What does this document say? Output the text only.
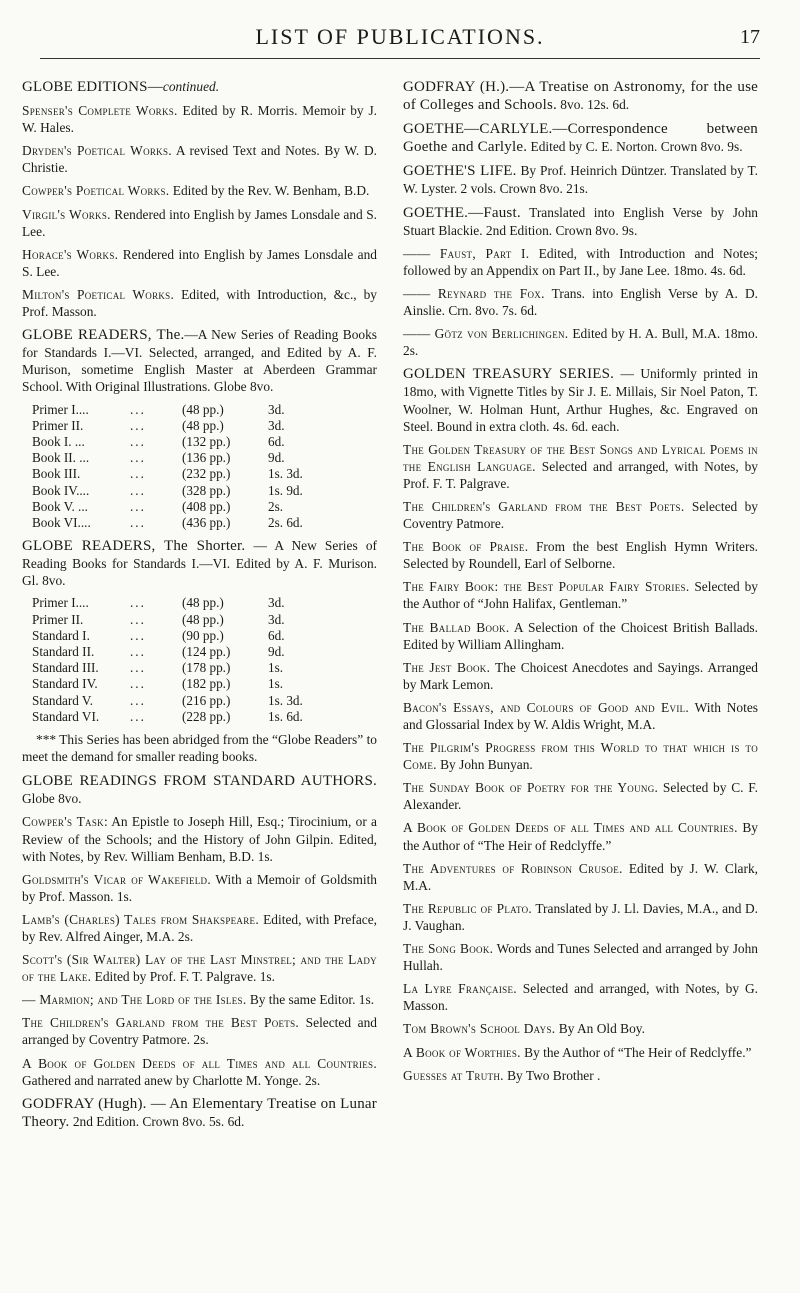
LIST OF PUBLICATIONS.	17
GLOBE EDITIONS—continued.
Spenser's Complete Works. Edited by R. Morris. Memoir by J. W. Hales.
Dryden's Poetical Works. A revised Text and Notes. By W. D. Christie.
Cowper's Poetical Works. Edited by the Rev. W. Benham, B.D.
Virgil's Works. Rendered into English by James Lonsdale and S. Lee.
Horace's Works. Rendered into English by James Lonsdale and S. Lee.
Milton's Poetical Works. Edited, with Introduction, &c., by Prof. Masson.
GLOBE READERS, The.—A New Series of Reading Books for Standards I.—VI. Selected, arranged, and Edited by A. F. Murison, sometime English Master at Aberdeen Grammar School. With Original Illustrations. Globe 8vo.
Primer I....	...	(48 pp.)	3d.
Primer II.	...	(48 pp.)	3d.
Book I. ...	...	(132 pp.)	6d.
Book II. ...	...	(136 pp.)	9d.
Book III.	...	(232 pp.)	1s. 3d.
Book IV....	...	(328 pp.)	1s. 9d.
Book V. ...	...	(408 pp.)	2s.
Book VI....	...	(436 pp.)	2s. 6d.
GLOBE READERS, The Shorter. — A New Series of Reading Books for Standards I.—VI. Edited by A. F. Murison. Gl. 8vo.
Primer I....	...	(48 pp.)	3d.
Primer II.	...	(48 pp.)	3d.
Standard I.	...	(90 pp.)	6d.
Standard II.	...	(124 pp.)	9d.
Standard III.	...	(178 pp.)	1s.
Standard IV.	...	(182 pp.)	1s.
Standard V.	...	(216 pp.)	1s. 3d.
Standard VI.	...	(228 pp.)	1s. 6d.
*** This Series has been abridged from the “Globe Readers” to meet the demand for smaller reading books.
GLOBE READINGS FROM STANDARD AUTHORS. Globe 8vo.
Cowper's Task: An Epistle to Joseph Hill, Esq.; Tirocinium, or a Review of the Schools; and the History of John Gilpin. Edited, with Notes, by Rev. William Benham, B.D. 1s.
Goldsmith's Vicar of Wakefield. With a Memoir of Goldsmith by Prof. Masson. 1s.
Lamb's (Charles) Tales from Shakspeare. Edited, with Preface, by Rev. Alfred Ainger, M.A. 2s.
Scott's (Sir Walter) Lay of the Last Minstrel; and the Lady of the Lake. Edited by Prof. F. T. Palgrave. 1s.
— Marmion; and The Lord of the Isles. By the same Editor. 1s.
The Children's Garland from the Best Poets. Selected and arranged by Coventry Patmore. 2s.
A Book of Golden Deeds of all Times and all Countries. Gathered and narrated anew by Charlotte M. Yonge. 2s.
GODFRAY (Hugh). — An Elementary Treatise on Lunar Theory. 2nd Edition. Crown 8vo. 5s. 6d.
GODFRAY (H.).—A Treatise on Astronomy, for the use of Colleges and Schools. 8vo. 12s. 6d.
GOETHE—CARLYLE.—Correspondence between Goethe and Carlyle. Edited by C. E. Norton. Crown 8vo. 9s.
GOETHE'S LIFE. By Prof. Heinrich Düntzer. Translated by T. W. Lyster. 2 vols. Crown 8vo. 21s.
GOETHE.—Faust. Translated into English Verse by John Stuart Blackie. 2nd Edition. Crown 8vo. 9s.
—— Faust, Part I. Edited, with Introduction and Notes; followed by an Appendix on Part II., by Jane Lee. 18mo. 4s. 6d.
—— Reynard the Fox. Trans. into English Verse by A. D. Ainslie. Crn. 8vo. 7s. 6d.
—— Götz von Berlichingen. Edited by H. A. Bull, M.A. 18mo. 2s.
GOLDEN TREASURY SERIES. — Uniformly printed in 18mo, with Vignette Titles by Sir J. E. Millais, Sir Noel Paton, T. Woolner, W. Holman Hunt, Arthur Hughes, &c. Engraved on Steel. Bound in extra cloth. 4s. 6d. each.
The Golden Treasury of the Best Songs and Lyrical Poems in the English Language. Selected and arranged, with Notes, by Prof. F. T. Palgrave.
The Children's Garland from the Best Poets. Selected by Coventry Patmore.
The Book of Praise. From the best English Hymn Writers. Selected by Roundell, Earl of Selborne.
The Fairy Book: the Best Popular Fairy Stories. Selected by the Author of “John Halifax, Gentleman.”
The Ballad Book. A Selection of the Choicest British Ballads. Edited by William Allingham.
The Jest Book. The Choicest Anecdotes and Sayings. Arranged by Mark Lemon.
Bacon's Essays, and Colours of Good and Evil. With Notes and Glossarial Index by W. Aldis Wright, M.A.
The Pilgrim's Progress from this World to that which is to Come. By John Bunyan.
The Sunday Book of Poetry for the Young. Selected by C. F. Alexander.
A Book of Golden Deeds of all Times and all Countries. By the Author of “The Heir of Redclyffe.”
The Adventures of Robinson Crusoe. Edited by J. W. Clark, M.A.
The Republic of Plato. Translated by J. Ll. Davies, M.A., and D. J. Vaughan.
The Song Book. Words and Tunes Selected and arranged by John Hullah.
La Lyre Française. Selected and arranged, with Notes, by G. Masson.
Tom Brown's School Days. By An Old Boy.
A Book of Worthies. By the Author of “The Heir of Redclyffe.”
Guesses at Truth. By Two Brother .
